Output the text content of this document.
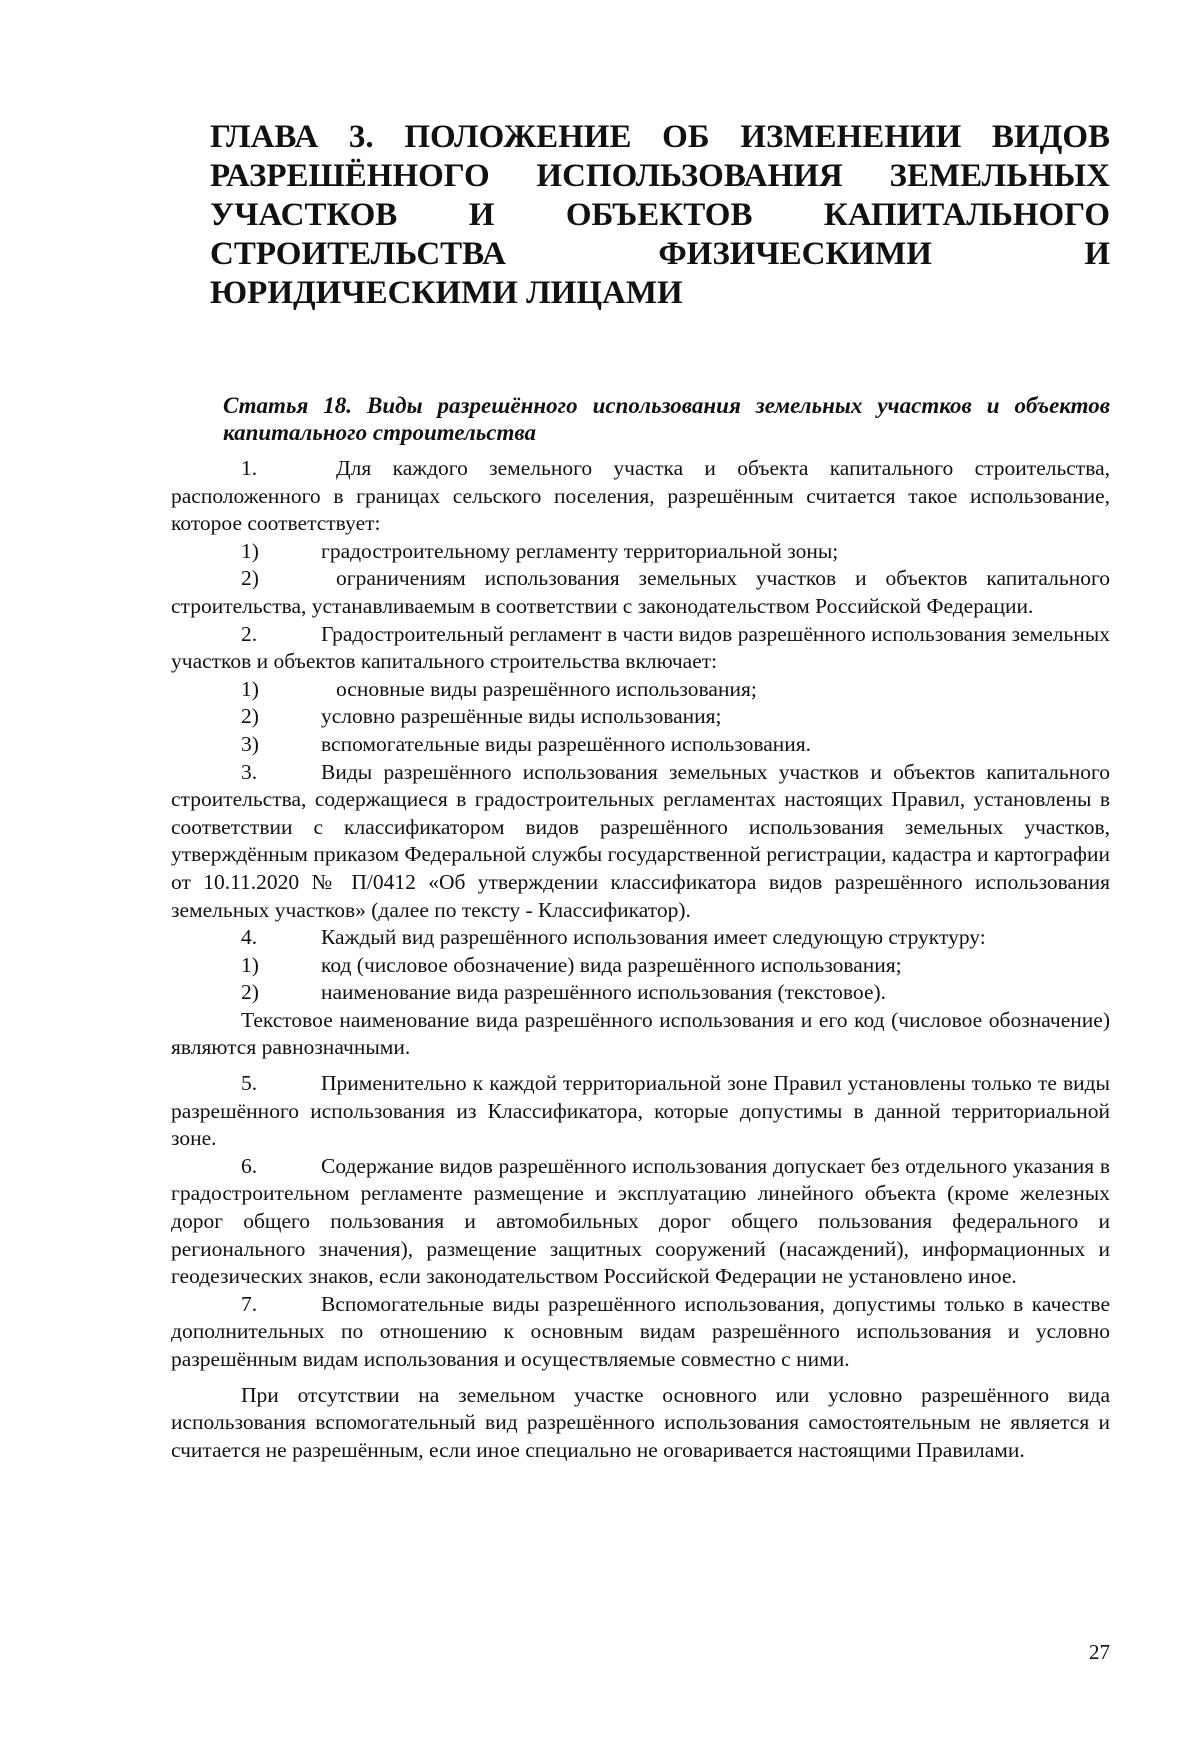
ГЛАВА 3. ПОЛОЖЕНИЕ ОБ ИЗМЕНЕНИИ ВИДОВ РАЗРЕШЁННОГО ИСПОЛЬЗОВАНИЯ ЗЕМЕЛЬНЫХ УЧАСТКОВ И ОБЪЕКТОВ КАПИТАЛЬНОГО СТРОИТЕЛЬСТВА ФИЗИЧЕСКИМИ И ЮРИДИЧЕСКИМИ ЛИЦАМИ
Статья 18. Виды разрешённого использования земельных участков и объектов капитального строительства

1.	Для каждого земельного участка и объекта капитального строительства, расположенного в границах сельского поселения, разрешённым считается такое использование, которое соответствует:

1)	градостроительному регламенту территориальной зоны;

2)	ограничениям использования земельных участков и объектов капитального строительства, устанавливаемым в соответствии с законодательством Российской Федерации.

2.	Градостроительный регламент в части видов разрешённого использования земельных участков и объектов капитального строительства включает:

1)	основные виды разрешённого использования;

2)	условно разрешённые виды использования;

3)	вспомогательные виды разрешённого использования.

3.	Виды разрешённого использования земельных участков и объектов капитального строительства, содержащиеся в градостроительных регламентах настоящих Правил, установлены в соответствии с классификатором видов разрешённого использования земельных участков, утверждённым приказом Федеральной службы государственной регистрации, кадастра и картографии от 10.11.2020 № П/0412 «Об утверждении классификатора видов разрешённого использования земельных участков» (далее по тексту - Классификатор).

4.	Каждый вид разрешённого использования имеет следующую структуру:

1)	код (числовое обозначение) вида разрешённого использования;

2)	наименование вида разрешённого использования (текстовое).

Текстовое наименование вида разрешённого использования и его код (числовое обозначение) являются равнозначными.

5.	Применительно к каждой территориальной зоне Правил установлены только те виды разрешённого использования из Классификатора, которые допустимы в данной территориальной зоне.

6.	Содержание видов разрешённого использования допускает без отдельного указания в градостроительном регламенте размещение и эксплуатацию линейного объекта (кроме железных дорог общего пользования и автомобильных дорог общего пользования федерального и регионального значения), размещение защитных сооружений (насаждений), информационных и геодезических знаков, если законодательством Российской Федерации не установлено иное.

7.	Вспомогательные виды разрешённого использования, допустимы только в качестве дополнительных по отношению к основным видам разрешённого использования и условно разрешённым видам использования и осуществляемые совместно с ними.

При отсутствии на земельном участке основного или условно разрешённого вида использования вспомогательный вид разрешённого использования самостоятельным не является и считается не разрешённым, если иное специально не оговаривается настоящими Правилами.

27
